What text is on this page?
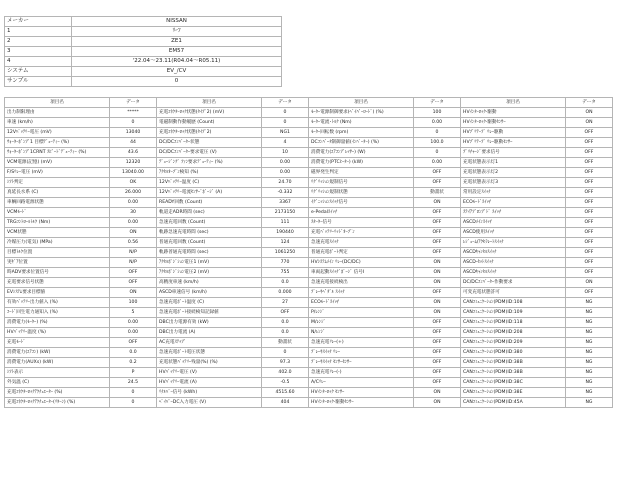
メーカー	NISSAN
1	ﾘｰﾌ
2	ZE1
3	EM57
4	'22.04～23.11(R04.04～R05.11)
システム	EV_/CV
サンプル	0
項目名	データ	項目名	データ	項目名	データ	項目名	データ
出力制限理由	*****	充電ｺﾈｸﾀｰﾛｯｸ状態(ﾀｲﾌﾟ2) (mV)	0	ﾓｰﾀｰ電源制御要求(ﾍﾞｲﾊﾟｰﾛｰﾄﾞ) (%)	100	HVｲﾝﾀｰﾛｯｸ-駆動	ON
車速 (km/h)	0	電磁制動作動履歴 (Count)	0	ﾓｰﾀｰ電流･ﾄﾙｸ (Nm)	0.00	HVｲﾝﾀｰﾛｯｸ-駆動ｾﾝｻｰ	ON
12Vﾊﾞｯﾃﾘｰ電圧 (mV)	13040	充電ｺﾈｸﾀｰﾛｯｸ状態(ﾀｲﾌﾟ2)	NG1	ﾓｰﾀｰ回転数 (rpm)	0	HVﾌﾞﾘﾃｰﾌﾞ ﾘﾚｰ駆動	OFF
ｳｫｰﾀｰﾎﾟﾝﾌﾟ1 目標ﾃﾞｭｰﾃｨｰ (%)	44	DC/DCｺﾝﾊﾞｰﾀｰ状態	4	DCｺﾝﾊﾞｰﾀ制御量値(ｲﾝﾊﾞｰﾀｰ) (%)	100.0	HVﾌﾞﾘﾃｰﾌﾞ ﾘﾚｰ駆動ｾﾝｻｰ	OFF
ｳｫｰﾀｰﾎﾟﾝﾌﾟ1CRNT ｽﾋﾟｰﾄﾞﾃﾞｭｰﾃｨｰ (%)	43.6	DC/DCｺﾝﾊﾞｰﾀｰ要求電圧 (V)	10	消費電力(ｴｱｺﾝﾌﾟﾚｯｻｰ) (W)	0	ﾌﾟﾘﾁｬｰｼﾞ要求信号	OFF
VCM電源(記憶) (mV)	12320	ﾃﾞｭｰｼﾞﾝｸﾞ ﾌｧﾝ要求ﾃﾞｭｰﾃｨｰ (%)	0.00	消費電力(PTCﾋｰﾀｰ) (kW)	0.00	充電状態表示灯1	OFF
F/Sﾘﾚｰ電圧 (mV)	13040.00	ｱｸｾﾙｵｰﾌﾟﾝ検知 (%)	0.00	磁界発生判定	OFF	充電状態表示灯2	OFF
ｼﾌﾄ判定	OK	12Vﾊﾞｯﾃﾘｰ温度 (C)	24.70	ﾘｸﾞﾘｯｼｮﾝ規制信号	OFF	充電状態表示灯3	OFF
真延長水系 (C)	26.000	12Vﾊﾞｯﾃﾘｰ電流ｾﾝｻｰﾞﾎﾞｰｼﾞ (A)	-0.332	ﾘｸﾞﾘｯｼｮﾝ規制状態	動畫状	常用設定ｽｲｯﾁ	OFF
車輌回路電源状態	0.00	READY回数 (Count)	3367	ｲｸﾞﾆｯｼｮﾝｽｲｯﾁ信号	ON	ECOﾓｰﾄﾞｽｲｯﾁ	OFF
VCMﾓｰﾄﾞ	30	軌道走ADR時間 (sec)	2173150	e-Pedalｽｲｯﾁ	OFF	ｽﾃｲｱﾌﾞﾛﾝﾌﾟﾄﾞ ｽｲｯﾁ	OFF
TRGｺﾝﾄﾛｰﾙﾄﾙｸ (Nm)	0.00	急速充電回数 (Count)	111	ｽﾀｰﾀｰ信号	OFF	ASCDﾒｲﾝｽｲｯﾁ	OFF
VCM状態	ON	軌跡急速充電時間 (sec)	190440	充電ﾊﾞｯﾃﾘｰﾘｯﾄﾞｵｰﾌﾟﾝ	OFF	ASCD使用ｽｲｯﾁ	OFF
冷媒圧力(電気) (MPa)	0.56	普通充電回数 (Count)	124	急速充電ｽｲｯﾁ	OFF	ﾚｼﾞｭｰﾑ/ｱｸｾﾗﾚｰﾄｽｲｯﾁ	OFF
目標ﾄﾙｸ位置	N/P	軌跡普通充電時間 (sec)	1061250	普通充電ﾎﾟｰﾄ判定	OFF	ASCDｷｬﾝｾﾙｽｲｯﾁ	OFF
実ｷﾞｱ位置	N/P	ｱｸｾﾙﾎﾟｼﾞｼｮﾝ電圧1 (mV)	770	HVｼｽﾃﾑﾒｲﾝ ﾘﾚｰ(DC/DC)	ON	ASCD-ｾｯﾄｽｲｯﾁ	OFF
時ADV要求位置信号	OFF	ｱｸｾﾙﾎﾟｼﾞｼｮﾝ電圧2 (mV)	755	車両起動ｽｲｯﾁﾞﾎﾞｰｼﾞ 信号Ⅰ	ON	ASCDｷｬﾝｾﾙｽｲｯﾁ	OFF
充電要求信号状態	OFF	高精度車速 (km/h)	0.0	急速充電接続検出	ON	DC/DCｺﾝﾊﾞｰﾀｰ作動要求	ON
EVｼｽﾃﾑ要求目標値	ON	ASCD車速信号 (km/h)	0.000	ﾌﾞﾚｰｷﾍﾟﾀﾞﾙ ｽｲｯﾁ	OFF	可変充電状態許可	OFF
有効ﾊﾞｯﾃﾘｰ出力値入 (%)	100	急速充電ﾎﾟｰﾄ温度 (C)	27	ECOﾓｰﾄﾞｽｲｯﾁ	ON	CANｺﾐｭﾆｹｰｼｮﾝ(PDM)ID:108	NG
ｺｰﾄﾞ回生電力通知入 (%)	5	急速充電ﾎﾟｰﾄ接続検知記録値	OFF	P/ﾚﾝｼﾞ	ON	CANｺﾐｭﾆｹｰｼｮﾝ(PDM)ID:109	NG
消費電力(ﾓｰﾀｰ) (%)	0.00	DBC出力電源有効 (kW)	0.0	M/ﾚﾝｼﾞ	OFF	CANｺﾐｭﾆｹｰｼｮﾝ(PDM)ID:118	NG
HVﾊﾞｯﾃﾘｰ温度 (%)	0.00	DBC出力電流 (A)	0.0	N/ﾚﾝｼﾞ	OFF	CANｺﾐｭﾆｹｰｼｮﾝ(PDM)ID:208	NG
充電ﾓｰﾄﾞ	OFF	AC充電ｽﾃｯﾌﾟ	動畫状	急速充電ﾘﾚｰ(+)	OFF	CANｺﾐｭﾆｹｰｼｮﾝ(PDM)ID:209	NG
消費電力(ｴｱｺﾝ) (kW)	0.0	急速充電ﾎﾟｰﾄ電圧状態	0	ﾌﾞﾚｰｷｽｲｯﾁ ﾘﾚｰ	OFF	CANｺﾐｭﾆｹｰｼｮﾝ(PDM)ID:380	NG
消費電力(AUXs) (kW)	0.2	充電状態ﾊﾞｯﾃﾘｰ残量(%) (%)	97.3	ﾌﾞﾚｰｷｽｲｯﾁ ｾﾝｻｰｾﾝｻｰ	OFF	CANｺﾐｭﾆｹｰｼｮﾝ(PDM)ID:38B	NG
ｼﾌﾄ表示	P	HVﾊﾞｯﾃﾘｰ電圧 (V)	402.0	急速充電ﾘﾚｰ(-)	OFF	CANｺﾐｭﾆｹｰｼｮﾝ(PDM)ID:38B	NG
外気温 (C)	24.5	HVﾊﾞｯﾃﾘｰ電流 (A)	-0.5	A/Cﾘﾚｰ	OFF	CANｺﾐｭﾆｹｰｼｮﾝ(PDM)ID:38C	NG
充電ｺﾈｸﾀｰﾛｯｸｱｸﾁｭｴｰﾀｰ (%)	0	ﾘﾁﾙﾊﾞｰ信号 (kWh)	4515.60	HVｲﾝﾀｰﾛｯｸ ｾﾝｻｰ	ON	CANｺﾐｭﾆｹｰｼｮﾝ(PDM)ID:38E	NG
充電ｺﾈｸﾀｰﾛｯｸｱｸﾁｭｴｰﾀｰ(ﾘﾀｰﾝ) (%)	0	ﾍﾞｲﾊﾟｰDC入力電圧 (V)	404	HVｲﾝﾀｰﾛｯｸ-駆動ｾﾝｻｰ	ON	CANｺﾐｭﾆｹｰｼｮﾝ(PDM)ID:45A	NG
